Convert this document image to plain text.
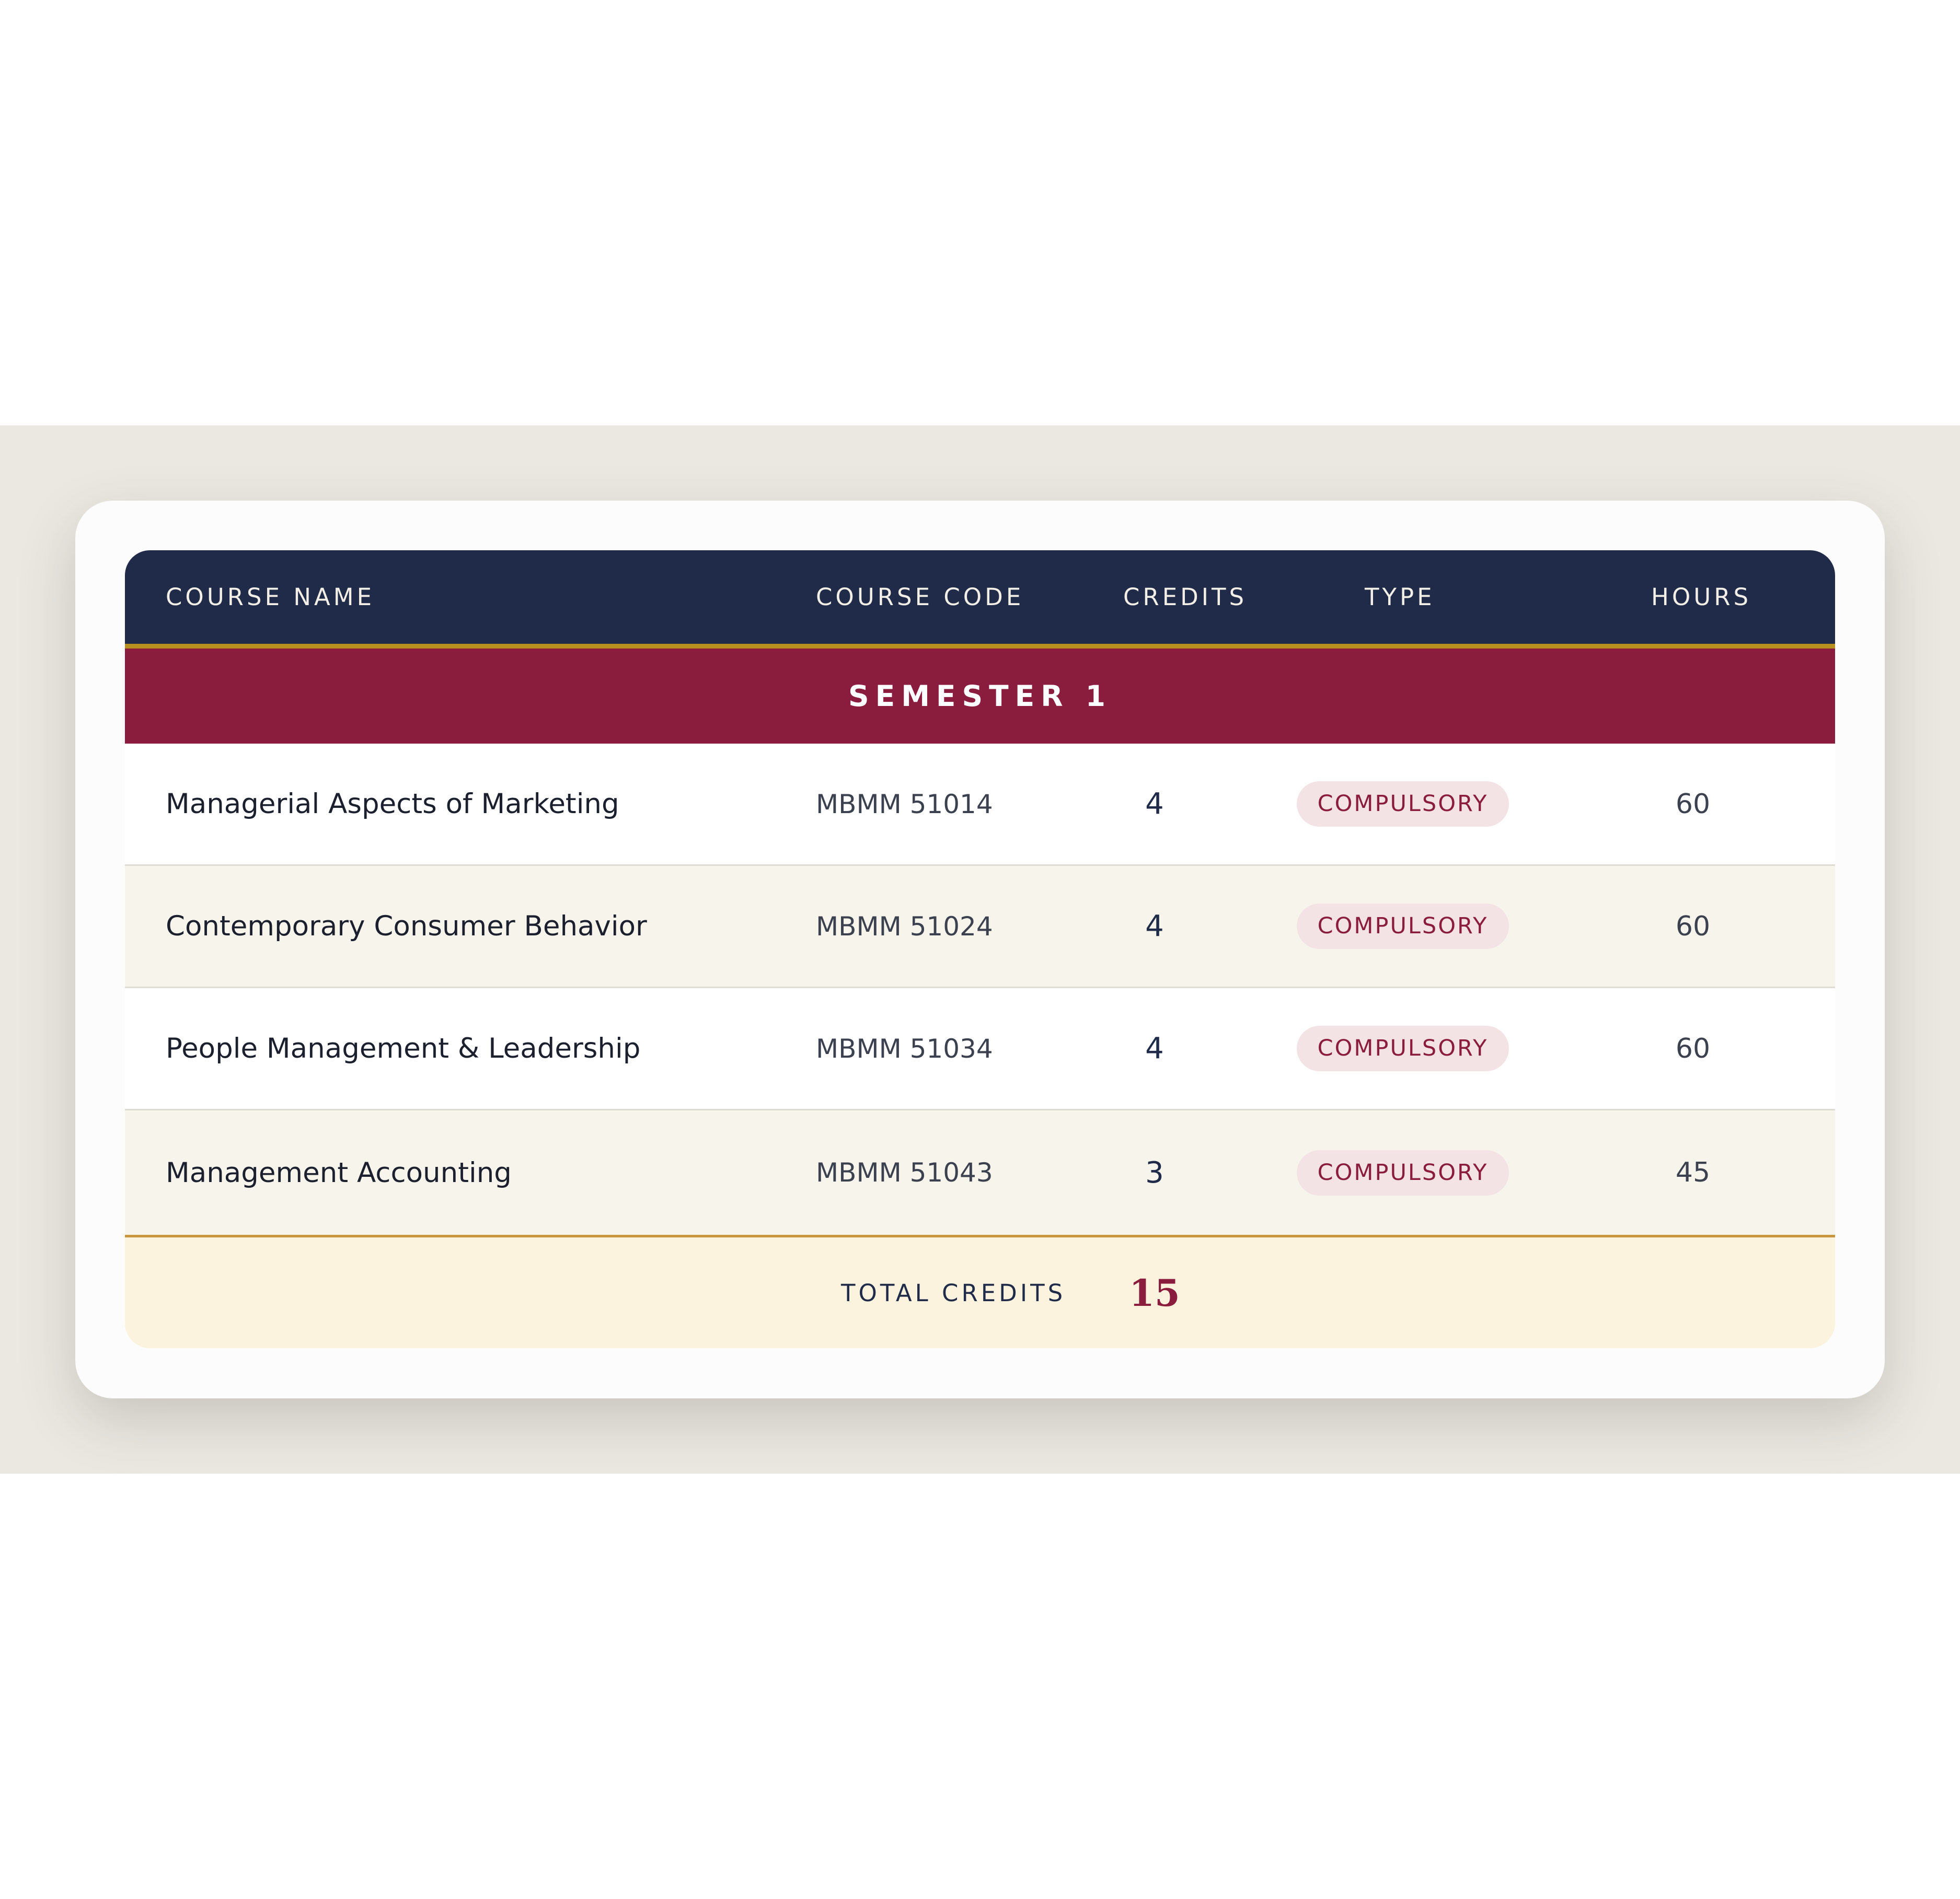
COURSE NAME	COURSE CODE	CREDITS	TYPE	HOURS
SEMESTER 1
Managerial Aspects of Marketing	MBMM 51014	4	COMPULSORY	60
Contemporary Consumer Behavior	MBMM 51024	4	COMPULSORY	60
People Management & Leadership	MBMM 51034	4	COMPULSORY	60
Management Accounting	MBMM 51043	3	COMPULSORY	45
TOTAL CREDITS	15
